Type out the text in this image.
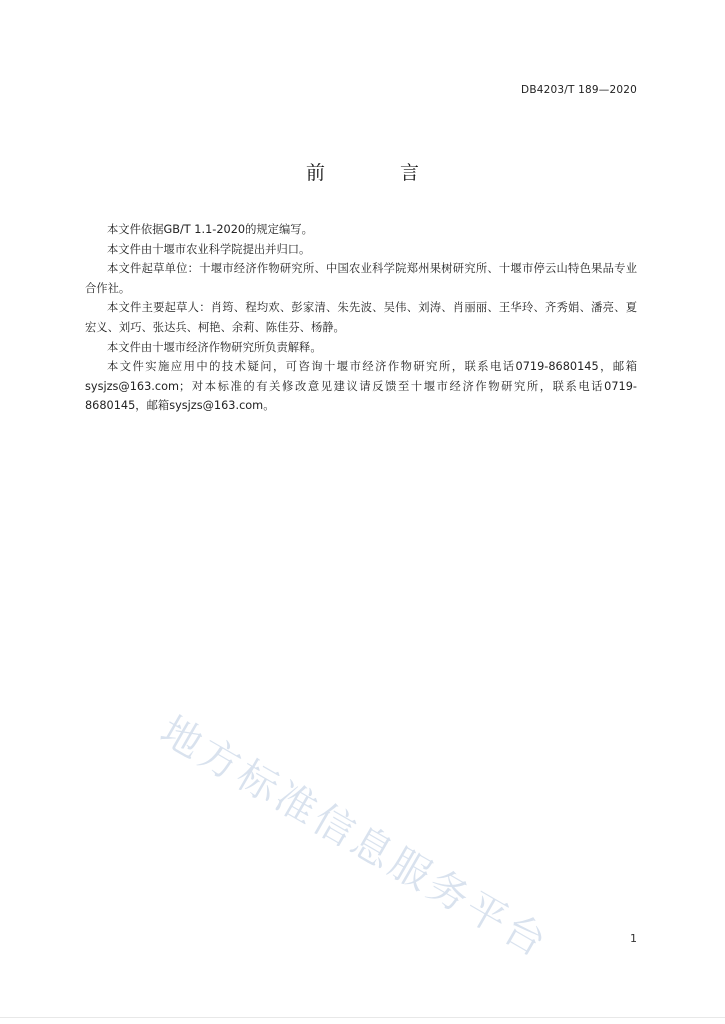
DB4203/T 189—2020
前　言

本文件依据GB/T 1.1-2020的规定编写。

本文件由十堰市农业科学院提出并归口。

本文件起草单位：十堰市经济作物研究所、中国农业科学院郑州果树研究所、十堰市停云山特色果品专业合作社。

本文件主要起草人：肖筠、程均欢、彭家清、朱先波、吴伟、刘涛、肖丽丽、王华玲、齐秀娟、潘亮、夏宏义、刘巧、张达兵、柯艳、余莉、陈佳芬、杨静。

本文件由十堰市经济作物研究所负责解释。

本文件实施应用中的技术疑问，可咨询十堰市经济作物研究所，联系电话0719-8680145，邮箱sysjzs@163.com；对本标准的有关修改意见建议请反馈至十堰市经济作物研究所，联系电话0719-8680145，邮箱sysjzs@163.com。

地方标准信息服务平台	1
